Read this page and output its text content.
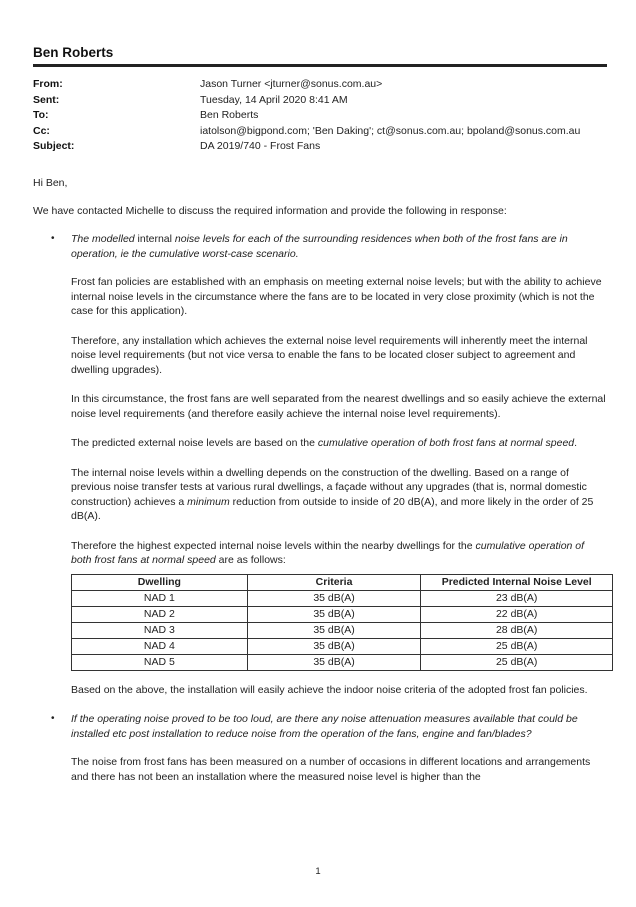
Ben Roberts
From:	Jason Turner <jturner@sonus.com.au>
Sent:	Tuesday, 14 April 2020 8:41 AM
To:	Ben Roberts
Cc:	iatolson@bigpond.com; 'Ben Daking'; ct@sonus.com.au; bpoland@sonus.com.au
Subject:	DA 2019/740 - Frost Fans

Hi Ben,

We have contacted Michelle to discuss the required information and provide the following in response:

• The modelled internal noise levels for each of the surrounding residences when both of the frost fans are in operation, ie the cumulative worst-case scenario.

Frost fan policies are established with an emphasis on meeting external noise levels; but with the ability to achieve internal noise levels in the circumstance where the fans are to be located in very close proximity (which is not the case for this application).

Therefore, any installation which achieves the external noise level requirements will inherently meet the internal noise level requirements (but not vice versa to enable the fans to be located closer subject to agreement and dwelling upgrades).

In this circumstance, the frost fans are well separated from the nearest dwellings and so easily achieve the external noise level requirements (and therefore easily achieve the internal noise level requirements).

The predicted external noise levels are based on the cumulative operation of both frost fans at normal speed.

The internal noise levels within a dwelling depends on the construction of the dwelling. Based on a range of previous noise transfer tests at various rural dwellings, a façade without any upgrades (that is, normal domestic construction) achieves a minimum reduction from outside to inside of 20 dB(A), and more likely in the order of 25 dB(A).

Therefore the highest expected internal noise levels within the nearby dwellings for the cumulative operation of both frost fans at normal speed are as follows:

Dwelling	Criteria	Predicted Internal Noise Level
NAD 1	35 dB(A)	23 dB(A)
NAD 2	35 dB(A)	22 dB(A)
NAD 3	35 dB(A)	28 dB(A)
NAD 4	35 dB(A)	25 dB(A)
NAD 5	35 dB(A)	25 dB(A)

Based on the above, the installation will easily achieve the indoor noise criteria of the adopted frost fan policies.

• If the operating noise proved to be too loud, are there any noise attenuation measures available that could be installed etc post installation to reduce noise from the operation of the fans, engine and fan/blades?

The noise from frost fans has been measured on a number of occasions in different locations and arrangements and there has not been an installation where the measured noise level is higher than the

1
